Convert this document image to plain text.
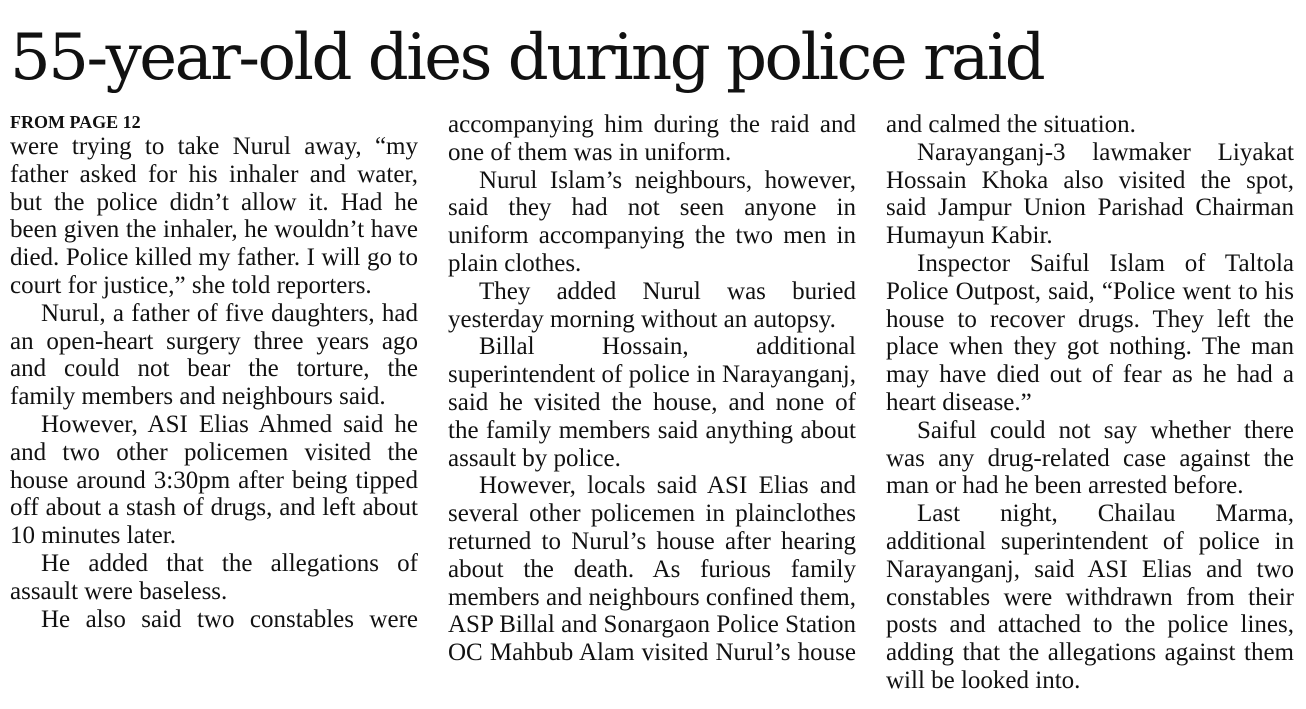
55-year-old dies during police raid

FROM PAGE 12

were trying to take Nurul away, “my father asked for his inhaler and water, but the police didn’t allow it. Had he been given the inhaler, he wouldn’t have died. Police killed my father. I will go to court for justice,” she told reporters.

Nurul, a father of five daughters, had an open-heart surgery three years ago and could not bear the torture, the family members and neighbours said.

However, ASI Elias Ahmed said he and two other policemen visited the house around 3:30pm after being tipped off about a stash of drugs, and left about 10 minutes later.

He added that the allegations of assault were baseless.

He also said two constables were

accompanying him during the raid and one of them was in uniform.

Nurul Islam’s neighbours, however, said they had not seen anyone in uniform accompanying the two men in plain clothes.

They added Nurul was buried yesterday morning without an autopsy.

Billal Hossain, additional superintendent of police in Narayanganj, said he visited the house, and none of the family members said anything about assault by police.

However, locals said ASI Elias and several other policemen in plainclothes returned to Nurul’s house after hearing about the death. As furious family members and neighbours confined them, ASP Billal and Sonargaon Police Station OC Mahbub Alam visited Nurul’s house

and calmed the situation.

Narayanganj-3 lawmaker Liyakat Hossain Khoka also visited the spot, said Jampur Union Parishad Chairman Humayun Kabir.

Inspector Saiful Islam of Taltola Police Outpost, said, “Police went to his house to recover drugs. They left the place when they got nothing. The man may have died out of fear as he had a heart disease.”

Saiful could not say whether there was any drug-related case against the man or had he been arrested before.

Last night, Chailau Marma, additional superintendent of police in Narayanganj, said ASI Elias and two constables were withdrawn from their posts and attached to the police lines, adding that the allegations against them will be looked into.
